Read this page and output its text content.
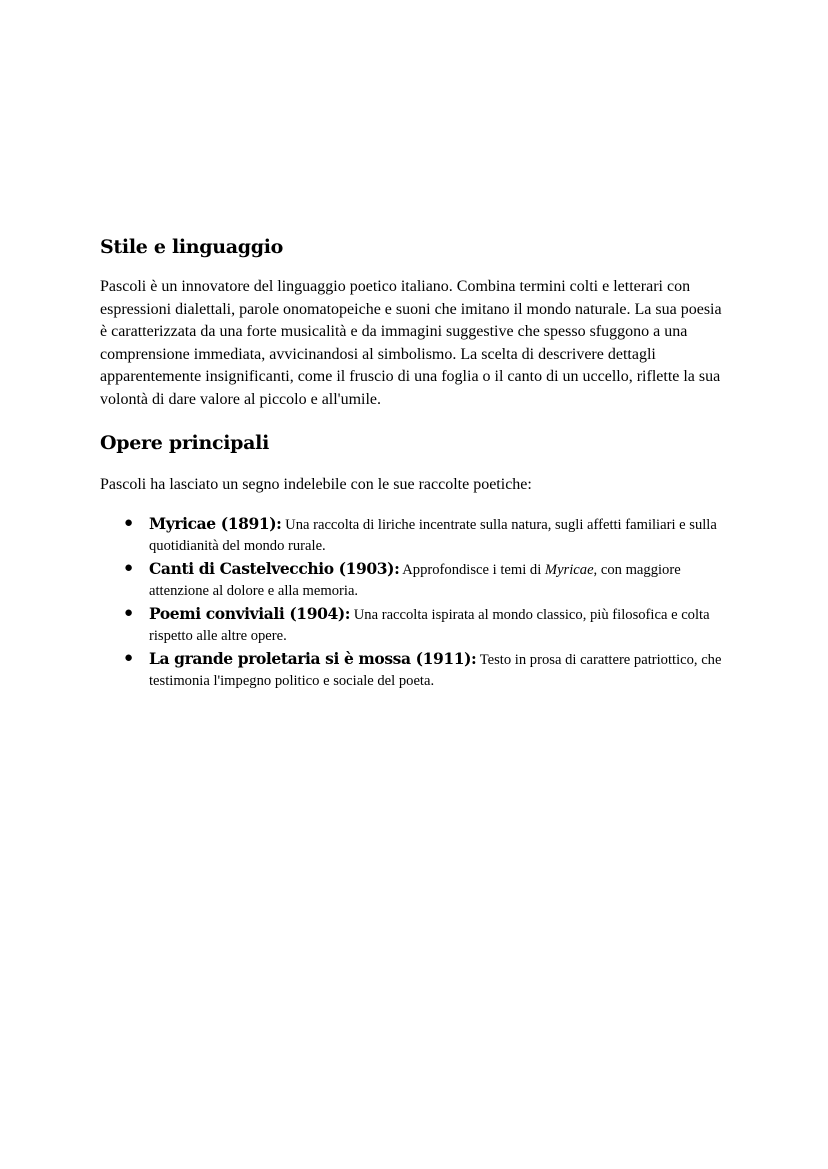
Stile e linguaggio

Pascoli è un innovatore del linguaggio poetico italiano. Combina termini colti e letterari con espressioni dialettali, parole onomatopeiche e suoni che imitano il mondo naturale. La sua poesia è caratterizzata da una forte musicalità e da immagini suggestive che spesso sfuggono a una comprensione immediata, avvicinandosi al simbolismo. La scelta di descrivere dettagli apparentemente insignificanti, come il fruscio di una foglia o il canto di un uccello, riflette la sua volontà di dare valore al piccolo e all'umile.

Opere principali

Pascoli ha lasciato un segno indelebile con le sue raccolte poetiche:

● Myricae (1891): Una raccolta di liriche incentrate sulla natura, sugli affetti familiari e sulla quotidianità del mondo rurale.
● Canti di Castelvecchio (1903): Approfondisce i temi di Myricae, con maggiore attenzione al dolore e alla memoria.
● Poemi conviviali (1904): Una raccolta ispirata al mondo classico, più filosofica e colta rispetto alle altre opere.
● La grande proletaria si è mossa (1911): Testo in prosa di carattere patriottico, che testimonia l'impegno politico e sociale del poeta.
